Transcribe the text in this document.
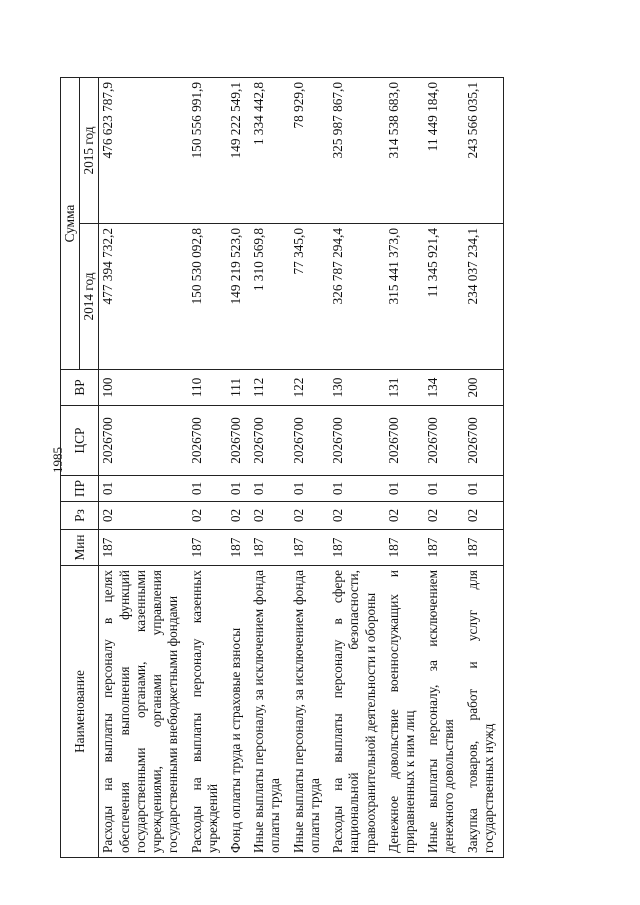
1985
Наименование	Мин	Рз	ПР	ЦСР	ВР	Сумма	
						2014 год	2015 год
Расходы на выплаты персоналу в целях обеспечения выполнения функций государственными органами, казенными учреждениями, органами управления государственными внебюджетными фондами	187	02	01	2026700	100	477 394 732,2	476 623 787,9
Расходы на выплаты персоналу казенных учреждений	187	02	01	2026700	110	150 530 092,8	150 556 991,9
Фонд оплаты труда и страховые взносы	187	02	01	2026700	111	149 219 523,0	149 222 549,1
Иные выплаты персоналу, за исключением фонда оплаты труда	187	02	01	2026700	112	1 310 569,8	1 334 442,8
Иные выплаты персоналу, за исключением фонда оплаты труда	187	02	01	2026700	122	77 345,0	78 929,0
Расходы на выплаты персоналу в сфере национальной безопасности, правоохранительной деятельности и обороны	187	02	01	2026700	130	326 787 294,4	325 987 867,0
Денежное довольствие военнослужащих и приравненных к ним лиц	187	02	01	2026700	131	315 441 373,0	314 538 683,0
Иные выплаты персоналу, за исключением денежного довольствия	187	02	01	2026700	134	11 345 921,4	11 449 184,0
Закупка товаров, работ и услуг для государственных нужд	187	02	01	2026700	200	234 037 234,1	243 566 035,1
